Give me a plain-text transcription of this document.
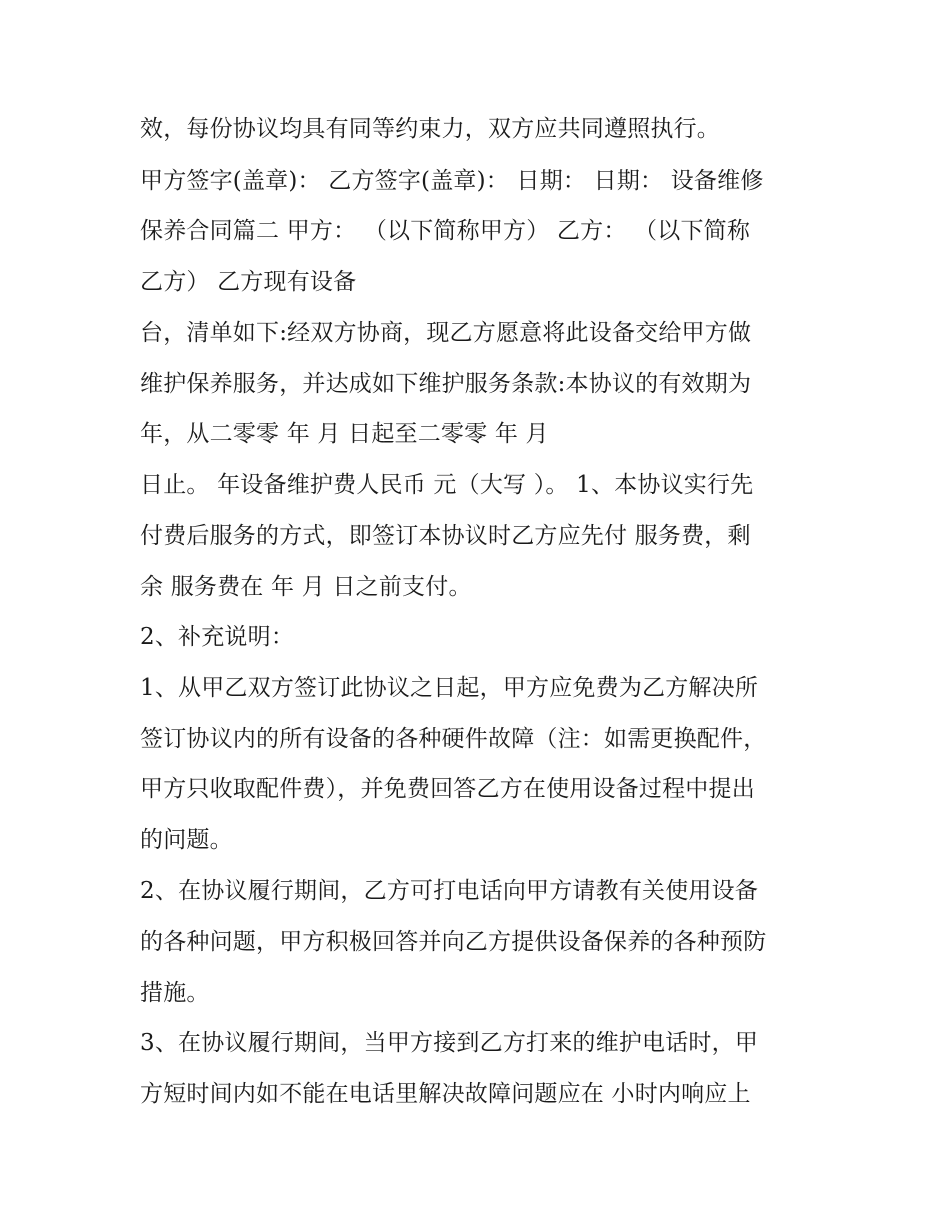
效，每份协议均具有同等约束力，双方应共同遵照执行。
甲方签字(盖章)： 乙方签字(盖章)： 日期： 日期： 设备维修
保养合同篇二 甲方： （以下简称甲方） 乙方： （以下简称
乙方） 乙方现有设备
台，清单如下:经双方协商，现乙方愿意将此设备交给甲方做
维护保养服务，并达成如下维护服务条款:本协议的有效期为
年，从二零零 年 月 日起至二零零 年 月
日止。 年设备维护费人民币 元（大写 ）。 1、本协议实行先
付费后服务的方式，即签订本协议时乙方应先付 服务费，剩
余 服务费在 年 月 日之前支付。
2、补充说明：
1、从甲乙双方签订此协议之日起，甲方应免费为乙方解决所
签订协议内的所有设备的各种硬件故障（注：如需更换配件，
甲方只收取配件费），并免费回答乙方在使用设备过程中提出
的问题。
2、在协议履行期间，乙方可打电话向甲方请教有关使用设备
的各种问题，甲方积极回答并向乙方提供设备保养的各种预防
措施。
3、在协议履行期间，当甲方接到乙方打来的维护电话时，甲
方短时间内如不能在电话里解决故障问题应在 小时内响应上
